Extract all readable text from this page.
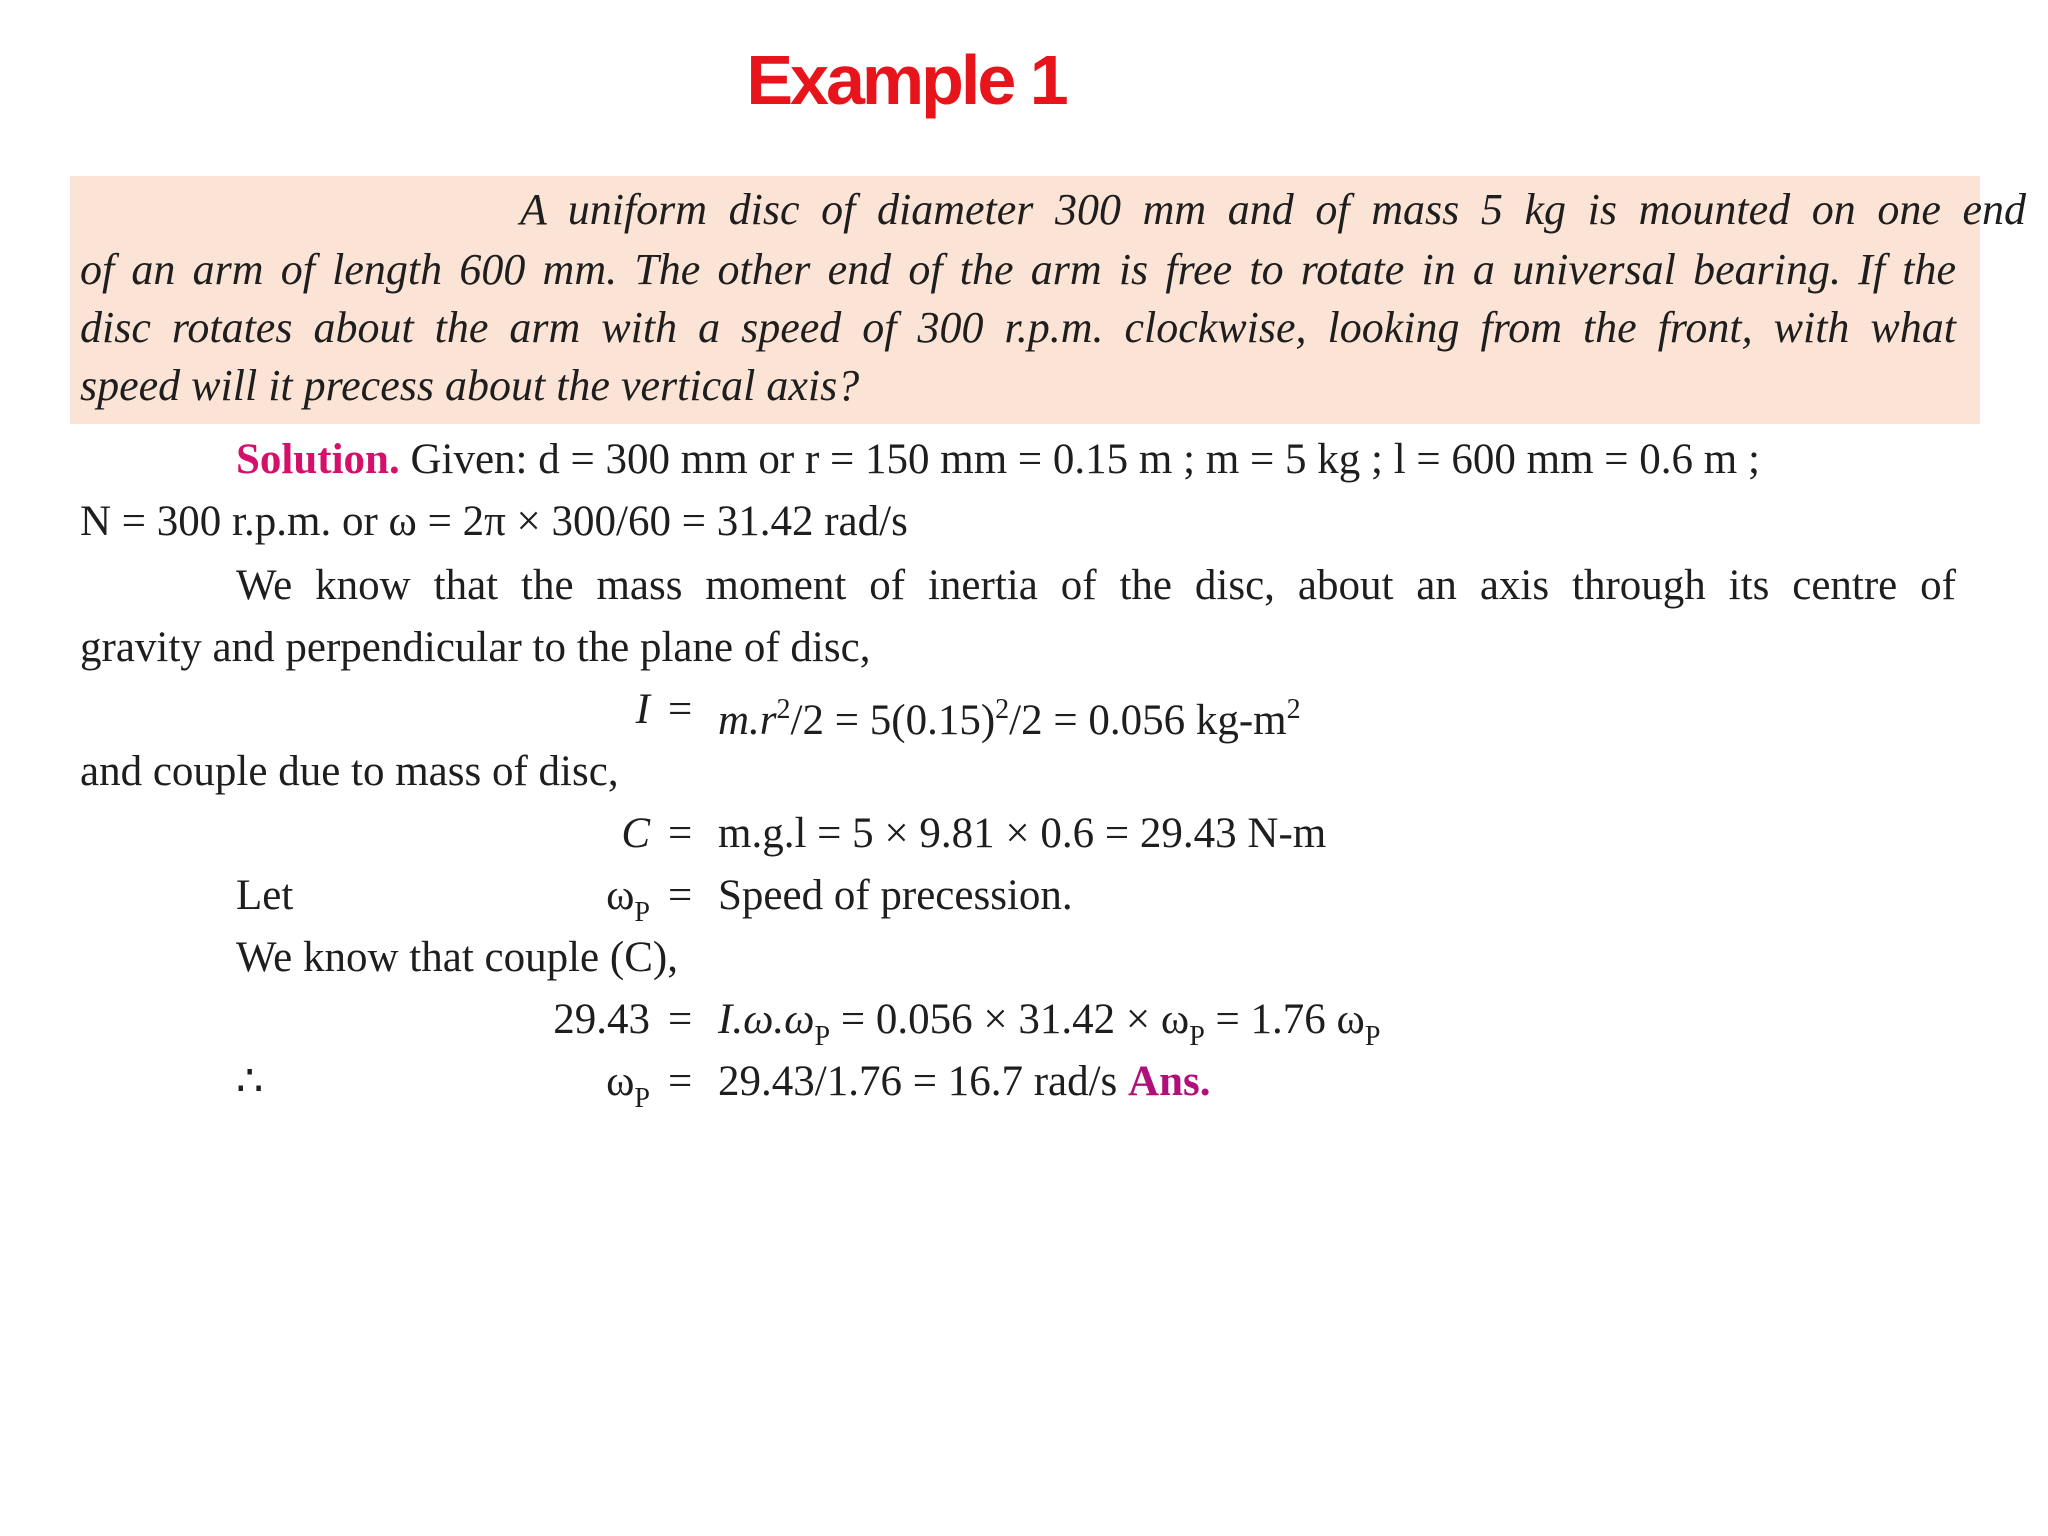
Example 1
A uniform disc of diameter 300 mm and of mass 5 kg is mounted on one end
of an arm of length 600 mm. The other end of the arm is free to rotate in a universal bearing. If the
disc rotates about the arm with a speed of 300 r.p.m. clockwise, looking from the front, with what
speed will it precess about the vertical axis?
Solution. Given: d = 300 mm or r = 150 mm = 0.15 m ; m = 5 kg ; l = 600 mm = 0.6 m ;
N = 300 r.p.m. or ω = 2π × 300/60 = 31.42 rad/s
We know that the mass moment of inertia of the disc, about an axis through its centre of
gravity and perpendicular to the plane of disc,
$I = m.r^2/2 = 5(0.15)^2/2 = 0.056$ $kg-m^2$
and couple due to mass of disc,
C = m.g.l = 5 × 9.81 × 0.6 = 29.43 N-m
Let	$\omega_P$ = Speed of precession.
We know that couple (C),
$29.43 = I.\omega.\omega_P = 0.056 \times 31.42 \times \omega_P = 1.76$ $\omega_P$
∴	$\omega_P = 29.43/1.76 = 16.7$ rad/s Ans.
